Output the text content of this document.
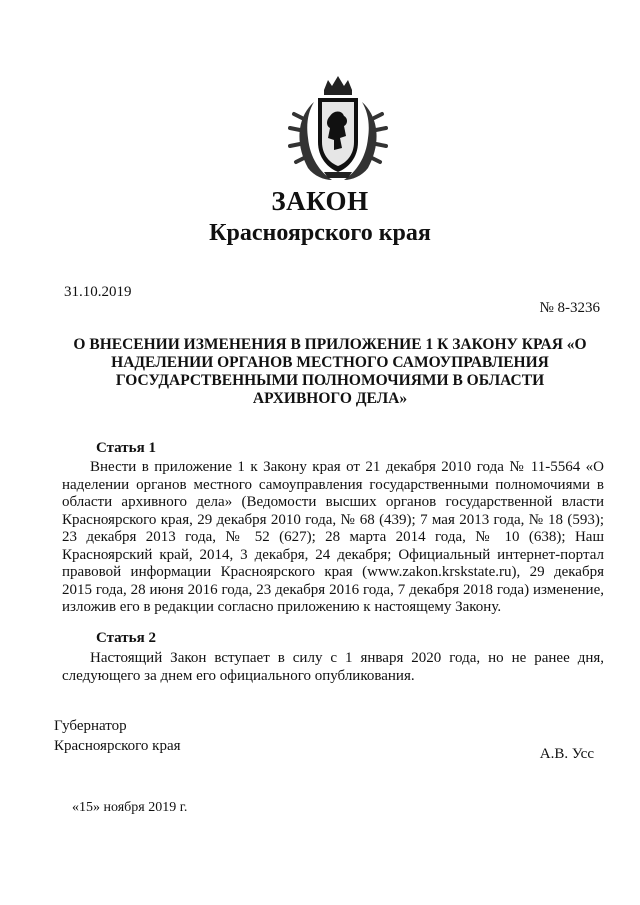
ЗАКОН
Красноярского края
31.10.2019
№ 8-3236
О ВНЕСЕНИИ ИЗМЕНЕНИЯ В ПРИЛОЖЕНИЕ 1 К ЗАКОНУ КРАЯ «О НАДЕЛЕНИИ ОРГАНОВ МЕСТНОГО САМОУПРАВЛЕНИЯ ГОСУДАРСТВЕННЫМИ ПОЛНОМОЧИЯМИ В ОБЛАСТИ АРХИВНОГО ДЕЛА»
Статья 1
Внести в приложение 1 к Закону края от 21 декабря 2010 года № 11-5564 «О наделении органов местного самоуправления государственными полномочиями в области архивного дела» (Ведомости высших органов государственной власти Красноярского края, 29 декабря 2010 года, № 68 (439); 7 мая 2013 года, № 18 (593); 23 декабря 2013 года, № 52 (627); 28 марта 2014 года, № 10 (638); Наш Красноярский край, 2014, 3 декабря, 24 декабря; Официальный интернет-портал правовой информации Красноярского края (www.zakon.krskstate.ru), 29 декабря 2015 года, 28 июня 2016 года, 23 декабря 2016 года, 7 декабря 2018 года) изменение, изложив его в редакции согласно приложению к настоящему Закону.
Статья 2
Настоящий Закон вступает в силу с 1 января 2020 года, но не ранее дня, следующего за днем его официального опубликования.
Губернатор
Красноярского края	А.В. Усс
«15» ноября 2019 г.
